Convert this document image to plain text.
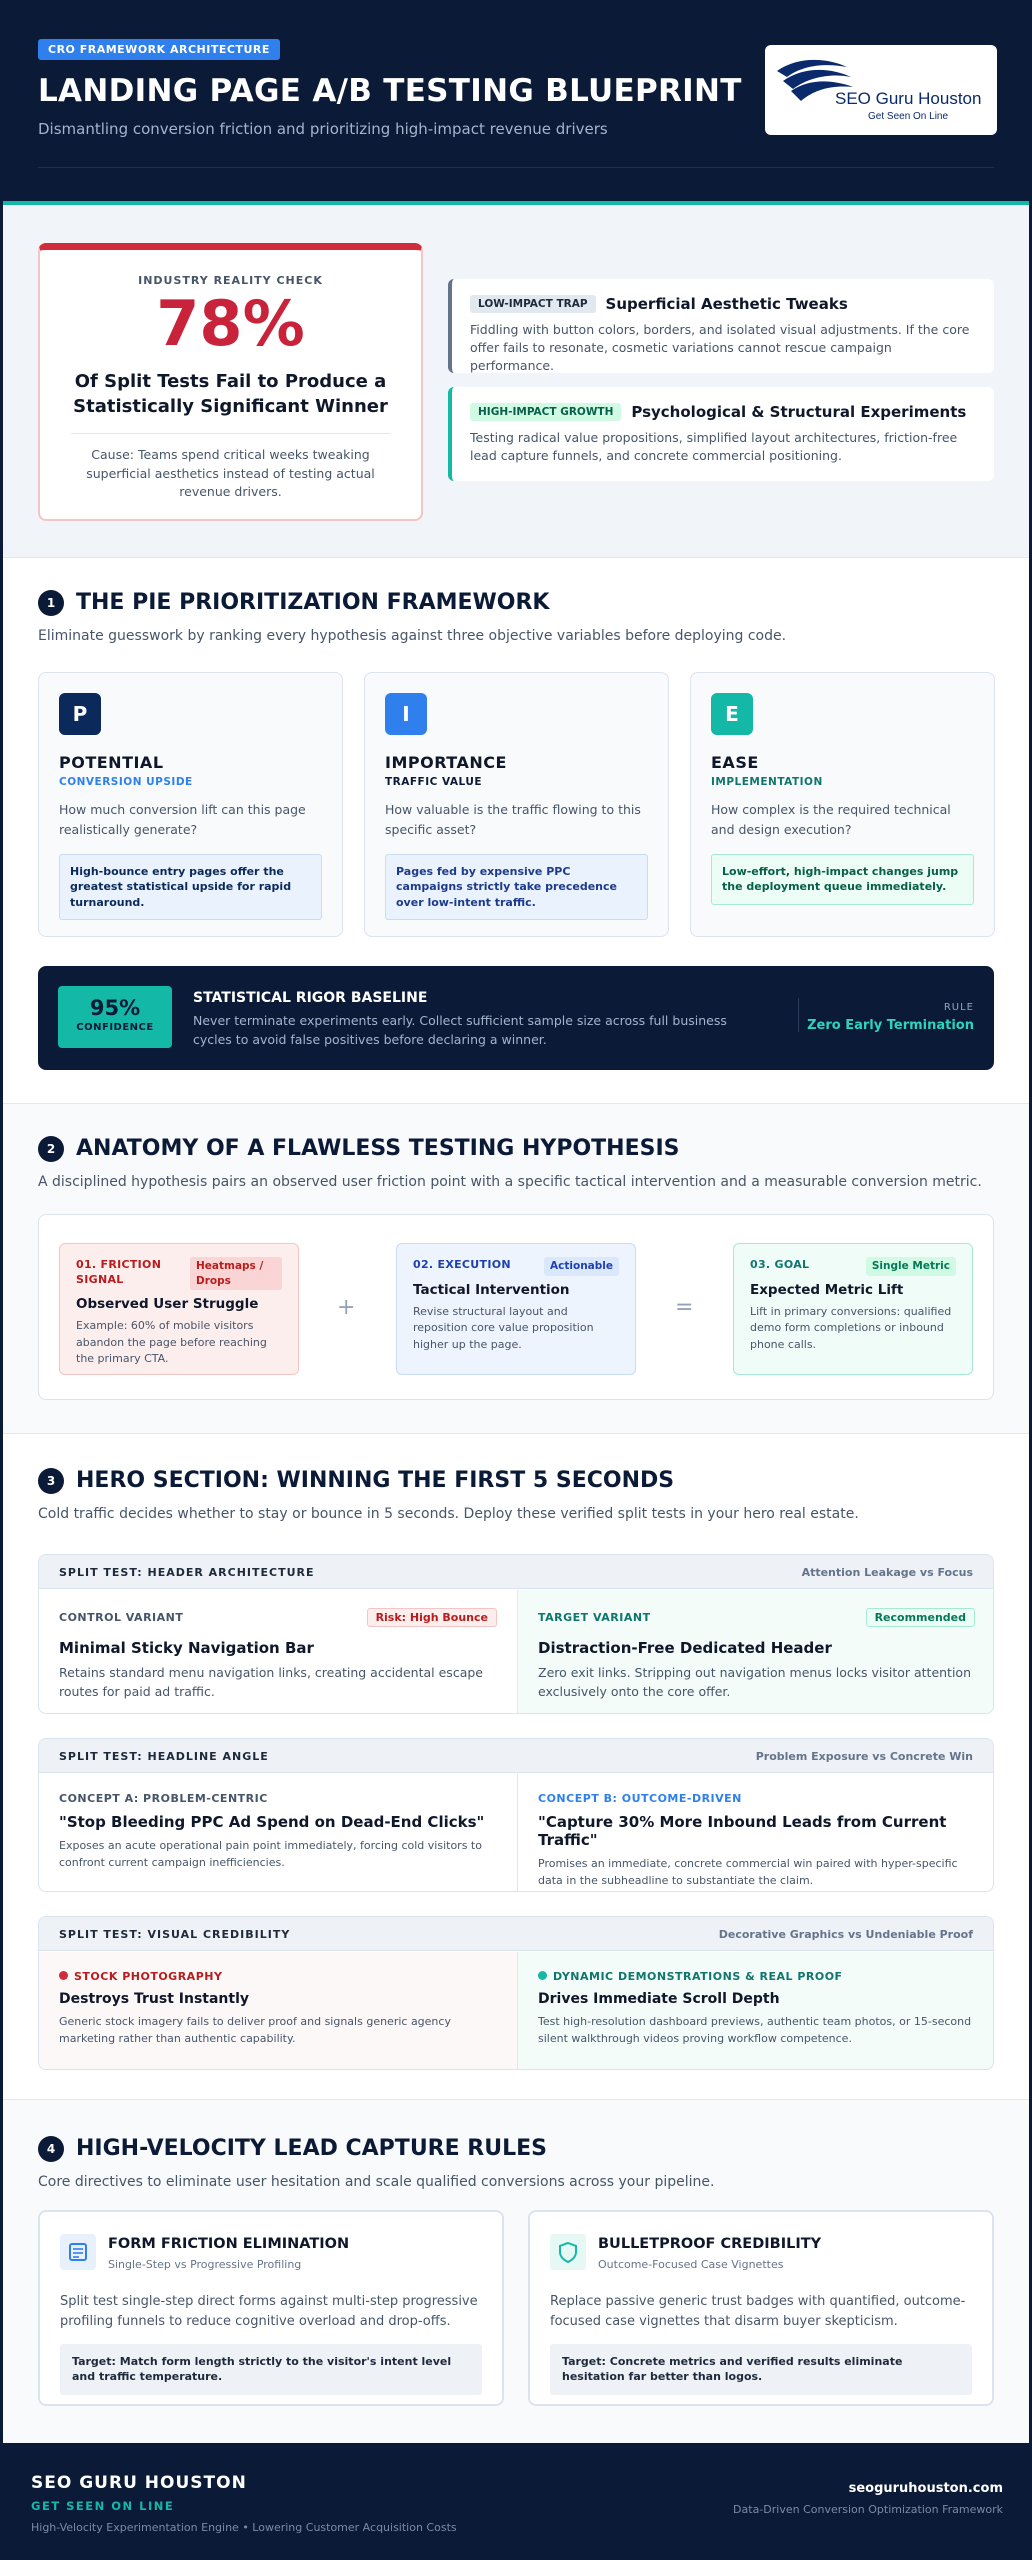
CRO FRAMEWORK ARCHITECTURE
LANDING PAGE A/B TESTING BLUEPRINT
Dismantling conversion friction and prioritizing high-impact revenue drivers
SEO Guru Houston
Get Seen On Line
INDUSTRY REALITY CHECK
78%
Of Split Tests Fail to Produce a Statistically Significant Winner
Cause: Teams spend critical weeks tweaking superficial aesthetics instead of testing actual revenue drivers.
LOW-IMPACT TRAP	Superficial Aesthetic Tweaks
Fiddling with button colors, borders, and isolated visual adjustments. If the core offer fails to resonate, cosmetic variations cannot rescue campaign performance.
HIGH-IMPACT GROWTH	Psychological & Structural Experiments
Testing radical value propositions, simplified layout architectures, friction-free lead capture funnels, and concrete commercial positioning.
1 THE PIE PRIORITIZATION FRAMEWORK
Eliminate guesswork by ranking every hypothesis against three objective variables before deploying code.
P
POTENTIAL
CONVERSION UPSIDE
How much conversion lift can this page realistically generate?
High-bounce entry pages offer the greatest statistical upside for rapid turnaround.
I
IMPORTANCE
TRAFFIC VALUE
How valuable is the traffic flowing to this specific asset?
Pages fed by expensive PPC campaigns strictly take precedence over low-intent traffic.
E
EASE
IMPLEMENTATION
How complex is the required technical and design execution?
Low-effort, high-impact changes jump the deployment queue immediately.
95%
CONFIDENCE
STATISTICAL RIGOR BASELINE
Never terminate experiments early. Collect sufficient sample size across full business cycles to avoid false positives before declaring a winner.
RULE
Zero Early Termination
2 ANATOMY OF A FLAWLESS TESTING HYPOTHESIS
A disciplined hypothesis pairs an observed user friction point with a specific tactical intervention and a measurable conversion metric.
01. FRICTION SIGNAL
Heatmaps / Drops
Observed User Struggle
Example: 60% of mobile visitors abandon the page before reaching the primary CTA.
+
02. EXECUTION	Actionable
Tactical Intervention
Revise structural layout and reposition core value proposition higher up the page.
=
03. GOAL	Single Metric
Expected Metric Lift
Lift in primary conversions: qualified demo form completions or inbound phone calls.
3 HERO SECTION: WINNING THE FIRST 5 SECONDS
Cold traffic decides whether to stay or bounce in 5 seconds. Deploy these verified split tests in your hero real estate.
SPLIT TEST: HEADER ARCHITECTURE	Attention Leakage vs Focus
CONTROL VARIANT	Risk: High Bounce
Minimal Sticky Navigation Bar
Retains standard menu navigation links, creating accidental escape routes for paid ad traffic.
TARGET VARIANT	Recommended
Distraction-Free Dedicated Header
Zero exit links. Stripping out navigation menus locks visitor attention exclusively onto the core offer.
SPLIT TEST: HEADLINE ANGLE	Problem Exposure vs Concrete Win
CONCEPT A: PROBLEM-CENTRIC
"Stop Bleeding PPC Ad Spend on Dead-End Clicks"
Exposes an acute operational pain point immediately, forcing cold visitors to confront current campaign inefficiencies.
CONCEPT B: OUTCOME-DRIVEN
"Capture 30% More Inbound Leads from Current Traffic"
Promises an immediate, concrete commercial win paired with hyper-specific data in the subheadline to substantiate the claim.
SPLIT TEST: VISUAL CREDIBILITY	Decorative Graphics vs Undeniable Proof
STOCK PHOTOGRAPHY
Destroys Trust Instantly
Generic stock imagery fails to deliver proof and signals generic agency marketing rather than authentic capability.
DYNAMIC DEMONSTRATIONS & REAL PROOF
Drives Immediate Scroll Depth
Test high-resolution dashboard previews, authentic team photos, or 15-second silent walkthrough videos proving workflow competence.
4 HIGH-VELOCITY LEAD CAPTURE RULES
Core directives to eliminate user hesitation and scale qualified conversions across your pipeline.
FORM FRICTION ELIMINATION
Single-Step vs Progressive Profiling
Split test single-step direct forms against multi-step progressive profiling funnels to reduce cognitive overload and drop-offs.
Target: Match form length strictly to the visitor's intent level and traffic temperature.
BULLETPROOF CREDIBILITY
Outcome-Focused Case Vignettes
Replace passive generic trust badges with quantified, outcome-focused case vignettes that disarm buyer skepticism.
Target: Concrete metrics and verified results eliminate hesitation far better than logos.
SEO GURU HOUSTON
GET SEEN ON LINE
High-Velocity Experimentation Engine • Lowering Customer Acquisition Costs
seoguruhouston.com
Data-Driven Conversion Optimization Framework
